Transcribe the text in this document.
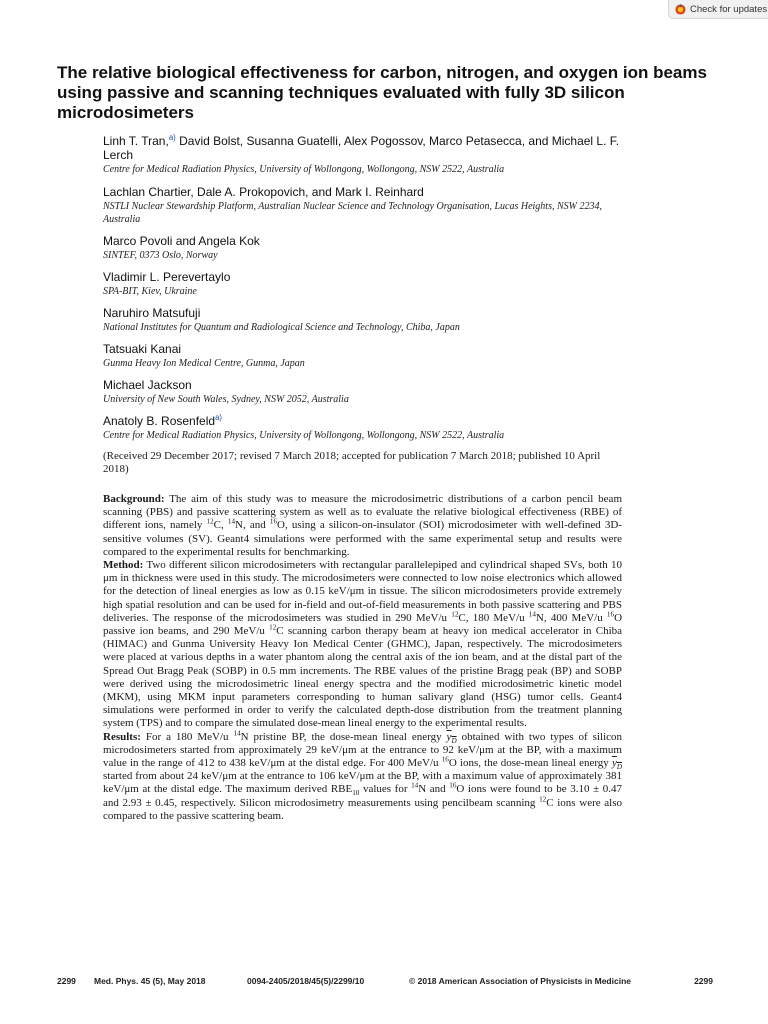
Check for updates
The relative biological effectiveness for carbon, nitrogen, and oxygen ion beams using passive and scanning techniques evaluated with fully 3D silicon microdosimeters

Linh T. Tran,$^{a)}$ David Bolst, Susanna Guatelli, Alex Pogossov, Marco Petasecca, and Michael L. F. Lerch

Centre for Medical Radiation Physics, University of Wollongong, Wollongong, NSW 2522, Australia

Lachlan Chartier, Dale A. Prokopovich, and Mark I. Reinhard

NSTLI Nuclear Stewardship Platform, Australian Nuclear Science and Technology Organisation, Lucas Heights, NSW 2234, Australia

Marco Povoli and Angela Kok

SINTEF, 0373 Oslo, Norway

Vladimir L. Perevertaylo

SPA-BIT, Kiev, Ukraine

Naruhiro Matsufuji

National Institutes for Quantum and Radiological Science and Technology, Chiba, Japan

Tatsuaki Kanai

Gunma Heavy Ion Medical Centre, Gunma, Japan

Michael Jackson

University of New South Wales, Sydney, NSW 2052, Australia

Anatoly B. Rosenfeld$^{a)}$

Centre for Medical Radiation Physics, University of Wollongong, Wollongong, NSW 2522, Australia

(Received 29 December 2017; revised 7 March 2018; accepted for publication 7 March 2018; published 10 April 2018)

Background: The aim of this study was to measure the microdosimetric distributions of a carbon pencil beam scanning (PBS) and passive scattering system as well as to evaluate the relative biological effectiveness (RBE) of different ions, namely $^{12}$C, $^{14}$N, and $^{16}$O, using a silicon-on-insulator (SOI) microdosimeter with well-defined 3D-sensitive volumes (SV). Geant4 simulations were performed with the same experimental setup and results were compared to the experimental results for benchmarking.

Method: Two different silicon microdosimeters with rectangular parallelepiped and cylindrical shaped SVs, both 10 μm in thickness were used in this study. The microdosimeters were connected to low noise electronics which allowed for the detection of lineal energies as low as 0.15 keV/μm in tissue. The silicon microdosimeters provide extremely high spatial resolution and can be used for in-field and out-of-field measurements in both passive scattering and PBS deliveries. The response of the microdosimeters was studied in 290 MeV/u $^{12}$C, 180 MeV/u $^{14}$N, 400 MeV/u $^{16}$O passive ion beams, and 290 MeV/u $^{12}$C scanning carbon therapy beam at heavy ion medical accelerator in Chiba (HIMAC) and Gunma University Heavy Ion Medical Center (GHMC), Japan, respectively. The microdosimeters were placed at various depths in a water phantom along the central axis of the ion beam, and at the distal part of the Spread Out Bragg Peak (SOBP) in 0.5 mm increments. The RBE values of the pristine Bragg peak (BP) and SOBP were derived using the microdosimetric lineal energy spectra and the modified microdosimetric kinetic model (MKM), using MKM input parameters corresponding to human salivary gland (HSG) tumor cells. Geant4 simulations were performed in order to verify the calculated depth-dose distribution from the treatment planning system (TPS) and to compare the simulated dose-mean lineal energy to the experimental results.

Results: For a 180 MeV/u $^{14}$N pristine BP, the dose-mean lineal energy $y_D$ obtained with two types of silicon microdosimeters started from approximately 29 keV/μm at the entrance to 92 keV/μm at the BP, with a maximum value in the range of 412 to 438 keV/μm at the distal edge. For 400 MeV/u $^{16}$O ions, the dose-mean lineal energy $y_D$ started from about 24 keV/μm at the entrance to 106 keV/μm at the BP, with a maximum value of approximately 381 keV/μm at the distal edge. The maximum derived $RBE_{10}$ values for $^{14}$N and $^{16}$O ions were found to be 3.10 ± 0.47 and 2.93 ± 0.45, respectively. Silicon microdosimetry measurements using pencilbeam scanning $^{12}$C ions were also compared to the passive scattering beam.

2299 Med. Phys. 45 (5), May 2018	0094-2405/2018/45(5)/2299/10	© 2018 American Association of Physicists in Medicine	2299
